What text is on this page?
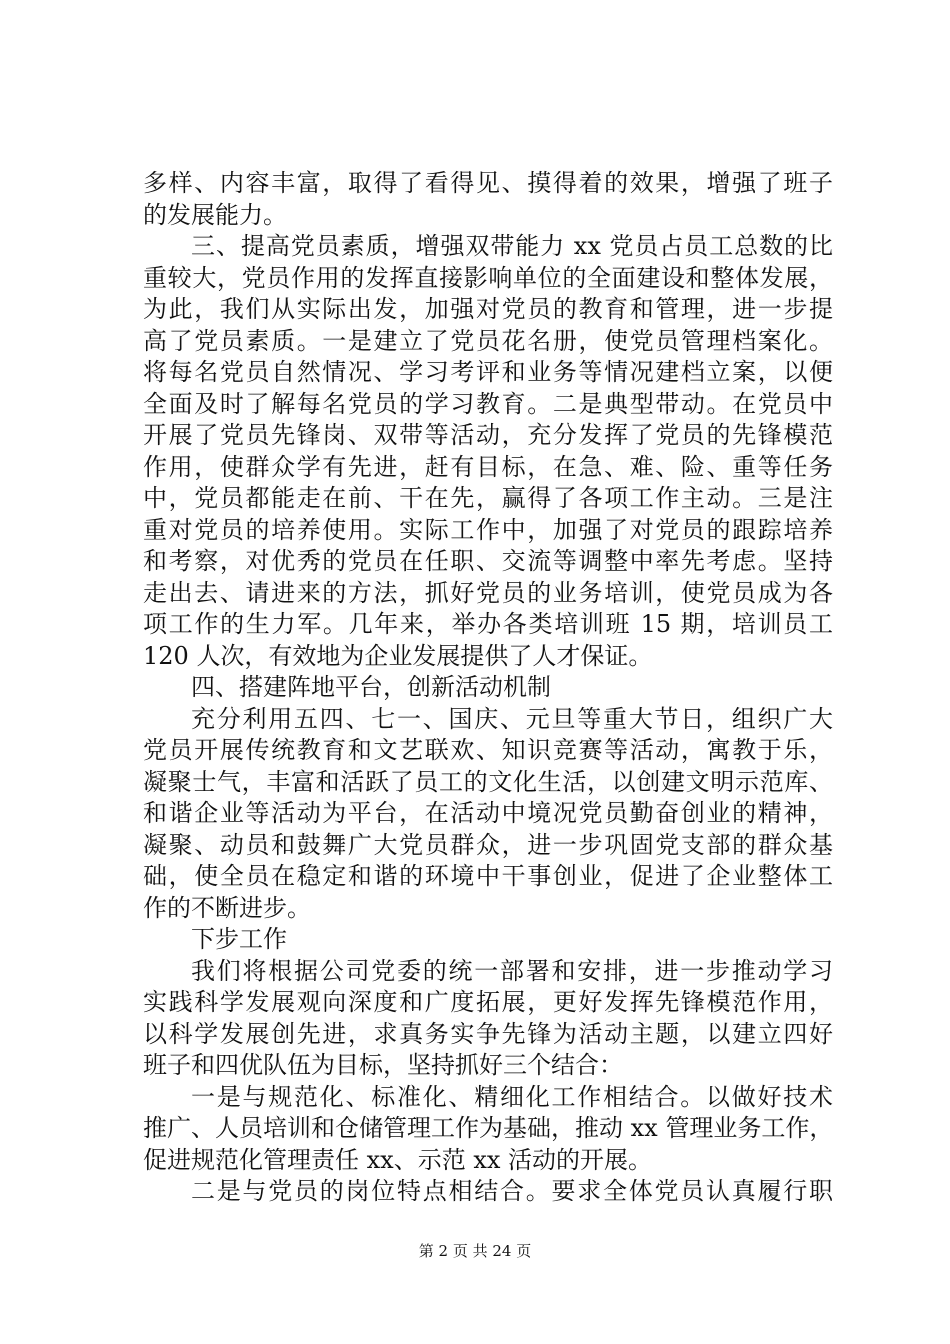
多样、内容丰富，取得了看得见、摸得着的效果，增强了班子
的发展能力。
三、提高党员素质，增强双带能力 xx 党员占员工总数的比
重较大，党员作用的发挥直接影响单位的全面建设和整体发展，
为此，我们从实际出发，加强对党员的教育和管理，进一步提
高了党员素质。一是建立了党员花名册，使党员管理档案化。
将每名党员自然情况、学习考评和业务等情况建档立案，以便
全面及时了解每名党员的学习教育。二是典型带动。在党员中
开展了党员先锋岗、双带等活动，充分发挥了党员的先锋模范
作用，使群众学有先进，赶有目标，在急、难、险、重等任务
中，党员都能走在前、干在先，赢得了各项工作主动。三是注
重对党员的培养使用。实际工作中，加强了对党员的跟踪培养
和考察，对优秀的党员在任职、交流等调整中率先考虑。坚持
走出去、请进来的方法，抓好党员的业务培训，使党员成为各
项工作的生力军。几年来，举办各类培训班 15 期，培训员工
120 人次，有效地为企业发展提供了人才保证。
四、搭建阵地平台，创新活动机制
充分利用五四、七一、国庆、元旦等重大节日，组织广大
党员开展传统教育和文艺联欢、知识竞赛等活动，寓教于乐，
凝聚士气，丰富和活跃了员工的文化生活，以创建文明示范库、
和谐企业等活动为平台，在活动中境况党员勤奋创业的精神，
凝聚、动员和鼓舞广大党员群众，进一步巩固党支部的群众基
础，使全员在稳定和谐的环境中干事创业，促进了企业整体工
作的不断进步。
下步工作
我们将根据公司党委的统一部署和安排，进一步推动学习
实践科学发展观向深度和广度拓展，更好发挥先锋模范作用，
以科学发展创先进，求真务实争先锋为活动主题，以建立四好
班子和四优队伍为目标，坚持抓好三个结合：
一是与规范化、标准化、精细化工作相结合。以做好技术
推广、人员培训和仓储管理工作为基础，推动 xx 管理业务工作，
促进规范化管理责任 xx、示范 xx 活动的开展。
二是与党员的岗位特点相结合。要求全体党员认真履行职
第 2 页 共 24 页
